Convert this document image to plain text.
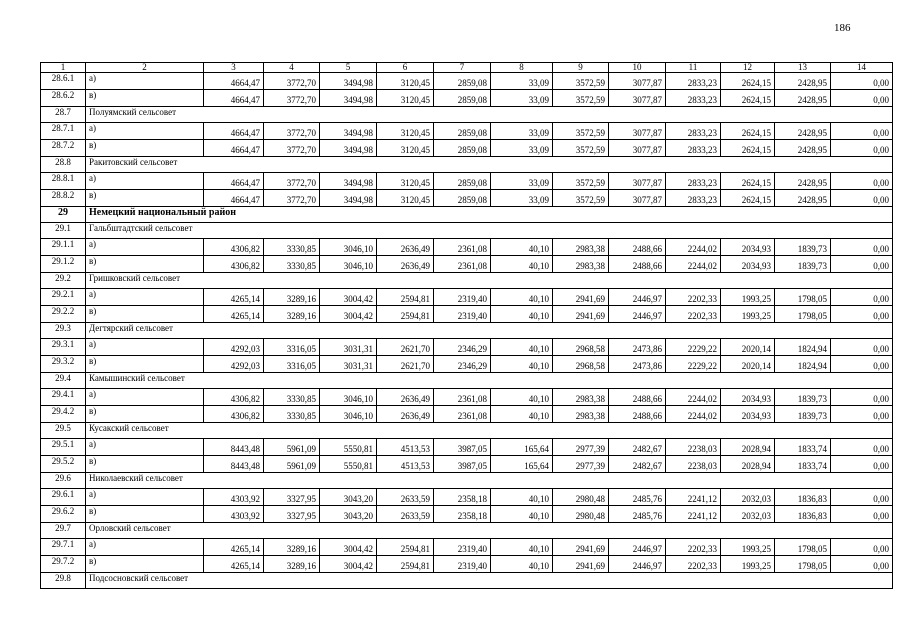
186
1	2	3	4	5	6	7	8	9	10	11	12	13	14
28.6.1	а)	4664,47	3772,70	3494,98	3120,45	2859,08	33,09	3572,59	3077,87	2833,23	2624,15	2428,95	0,00
28.6.2	в)	4664,47	3772,70	3494,98	3120,45	2859,08	33,09	3572,59	3077,87	2833,23	2624,15	2428,95	0,00
28.7	Полуямский сельсовет												
28.7.1	а)	4664,47	3772,70	3494,98	3120,45	2859,08	33,09	3572,59	3077,87	2833,23	2624,15	2428,95	0,00
28.7.2	в)	4664,47	3772,70	3494,98	3120,45	2859,08	33,09	3572,59	3077,87	2833,23	2624,15	2428,95	0,00
28.8	Ракитовский сельсовет												
28.8.1	а)	4664,47	3772,70	3494,98	3120,45	2859,08	33,09	3572,59	3077,87	2833,23	2624,15	2428,95	0,00
28.8.2	в)	4664,47	3772,70	3494,98	3120,45	2859,08	33,09	3572,59	3077,87	2833,23	2624,15	2428,95	0,00
29	Немецкий национальный район												
29.1	Гальбштадтский сельсовет												
29.1.1	а)	4306,82	3330,85	3046,10	2636,49	2361,08	40,10	2983,38	2488,66	2244,02	2034,93	1839,73	0,00
29.1.2	в)	4306,82	3330,85	3046,10	2636,49	2361,08	40,10	2983,38	2488,66	2244,02	2034,93	1839,73	0,00
29.2	Гришковский сельсовет												
29.2.1	а)	4265,14	3289,16	3004,42	2594,81	2319,40	40,10	2941,69	2446,97	2202,33	1993,25	1798,05	0,00
29.2.2	в)	4265,14	3289,16	3004,42	2594,81	2319,40	40,10	2941,69	2446,97	2202,33	1993,25	1798,05	0,00
29.3	Дегтярский сельсовет												
29.3.1	а)	4292,03	3316,05	3031,31	2621,70	2346,29	40,10	2968,58	2473,86	2229,22	2020,14	1824,94	0,00
29.3.2	в)	4292,03	3316,05	3031,31	2621,70	2346,29	40,10	2968,58	2473,86	2229,22	2020,14	1824,94	0,00
29.4	Камышинский сельсовет												
29.4.1	а)	4306,82	3330,85	3046,10	2636,49	2361,08	40,10	2983,38	2488,66	2244,02	2034,93	1839,73	0,00
29.4.2	в)	4306,82	3330,85	3046,10	2636,49	2361,08	40,10	2983,38	2488,66	2244,02	2034,93	1839,73	0,00
29.5	Кусакский сельсовет												
29.5.1	а)	8443,48	5961,09	5550,81	4513,53	3987,05	165,64	2977,39	2482,67	2238,03	2028,94	1833,74	0,00
29.5.2	в)	8443,48	5961,09	5550,81	4513,53	3987,05	165,64	2977,39	2482,67	2238,03	2028,94	1833,74	0,00
29.6	Николаевский сельсовет												
29.6.1	а)	4303,92	3327,95	3043,20	2633,59	2358,18	40,10	2980,48	2485,76	2241,12	2032,03	1836,83	0,00
29.6.2	в)	4303,92	3327,95	3043,20	2633,59	2358,18	40,10	2980,48	2485,76	2241,12	2032,03	1836,83	0,00
29.7	Орловский сельсовет												
29.7.1	а)	4265,14	3289,16	3004,42	2594,81	2319,40	40,10	2941,69	2446,97	2202,33	1993,25	1798,05	0,00
29.7.2	в)	4265,14	3289,16	3004,42	2594,81	2319,40	40,10	2941,69	2446,97	2202,33	1993,25	1798,05	0,00
29.8	Подсосновский сельсовет												
